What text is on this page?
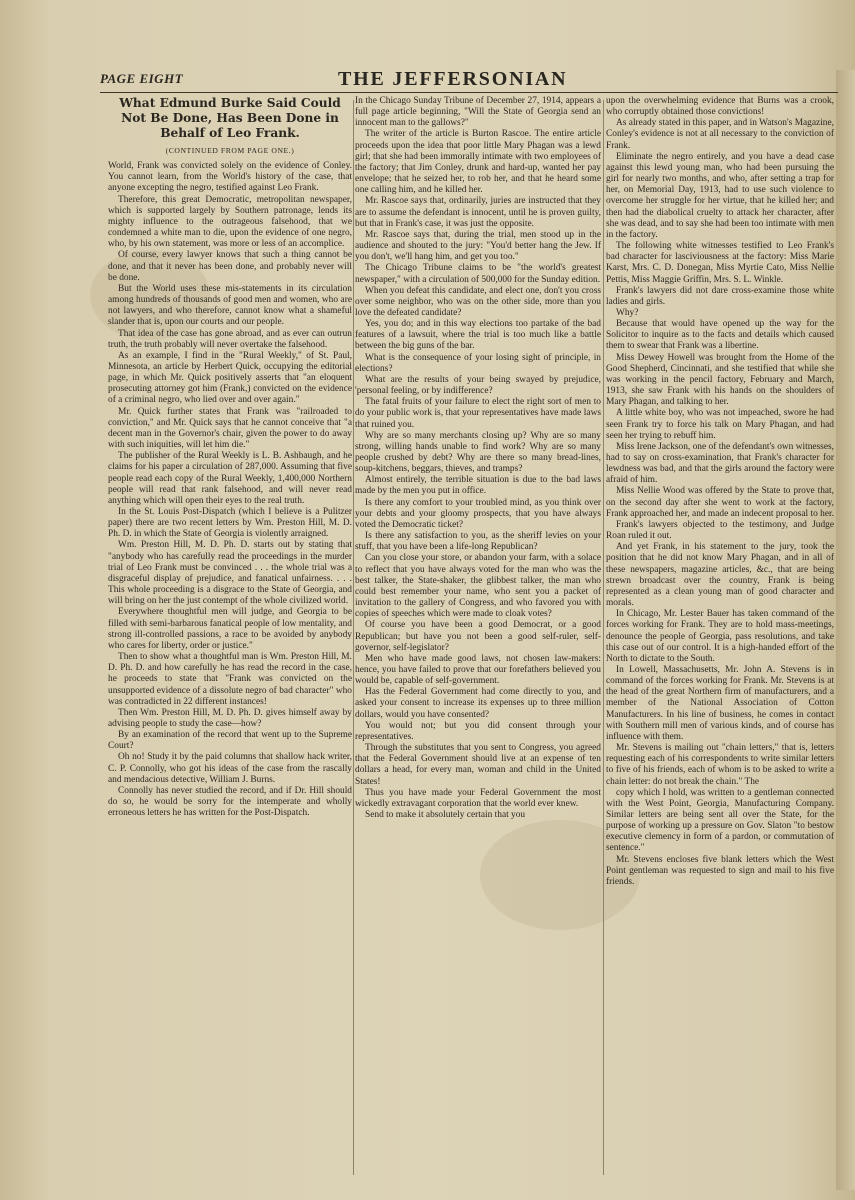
PAGE EIGHT	THE JEFFERSONIAN
What Edmund Burke Said Could Not Be Done, Has Been Done in Behalf of Leo Frank.
(CONTINUED FROM PAGE ONE.)

World, Frank was convicted solely on the evidence of Conley. You cannot learn, from the World's history of the case, that anyone excepting the negro, testified against Leo Frank.

Therefore, this great Democratic, metropolitan newspaper, which is supported largely by Southern patronage, lends its mighty influence to the outrageous falsehood, that we condemned a white man to die, upon the evidence of one negro, who, by his own statement, was more or less of an accomplice.

Of course, every lawyer knows that such a thing cannot be done, and that it never has been done, and probably never will be done.

But the World uses these mis-statements in its circulation among hundreds of thousands of good men and women, who are not lawyers, and who therefore, cannot know what a shameful slander that is, upon our courts and our people.

That idea of the case has gone abroad, and as ever can outrun truth, the truth probably will never overtake the falsehood.

As an example, I find in the "Rural Weekly," of St. Paul, Minnesota, an article by Herbert Quick, occupying the editorial page, in which Mr. Quick positively asserts that "an eloquent prosecuting attorney got him (Frank,) convicted on the evidence of a criminal negro, who lied over and over again."

Mr. Quick further states that Frank was "railroaded to conviction," and Mr. Quick says that he cannot conceive that "a decent man in the Governor's chair, given the power to do away with such iniquities, will let him die."

The publisher of the Rural Weekly is L. B. Ashbaugh, and he claims for his paper a circulation of 287,000. Assuming that five people read each copy of the Rural Weekly, 1,400,000 Northern people will read that rank falsehood, and will never read anything which will open their eyes to the real truth.

In the St. Louis Post-Dispatch (which I believe is a Pulitzer paper) there are two recent letters by Wm. Preston Hill, M. D. Ph. D. in which the State of Georgia is violently arraigned.

Wm. Preston Hill, M. D. Ph. D. starts out by stating that "anybody who has carefully read the proceedings in the murder trial of Leo Frank must be convinced . . . the whole trial was a disgraceful display of prejudice, and fanatical unfairness. . . . This whole proceeding is a disgrace to the State of Georgia, and will bring on her the just contempt of the whole civilized world.

Everywhere thoughtful men will judge, and Georgia to be filled with semi-barbarous fanatical people of low mentality, and strong ill-controlled passions, a race to be avoided by anybody who cares for liberty, order or justice."

Then to show what a thoughtful man is Wm. Preston Hill, M. D. Ph. D. and how carefully he has read the record in the case, he proceeds to state that "Frank was convicted on the unsupported evidence of a dissolute negro of bad character" who was contradicted in 22 different instances!

Then Wm. Preston Hill, M. D. Ph. D. gives himself away by advising people to study the case—how?

By an examination of the record that went up to the Supreme Court?

Oh no! Study it by the paid columns that shallow hack writer, C. P. Connolly, who got his ideas of the case from the rascally and mendacious detective, William J. Burns.

Connolly has never studied the record, and if Dr. Hill should do so, he would be sorry for the intemperate and wholly erroneous letters he has written for the Post-Dispatch.

In the Chicago Sunday Tribune of December 27, 1914, appears a full page article beginning, "Will the State of Georgia send an innocent man to the gallows?"

The writer of the article is Burton Rascoe. The entire article proceeds upon the idea that poor little Mary Phagan was a lewd girl; that she had been immorally intimate with two employees of the factory; that Jim Conley, drunk and hard-up, wanted her pay envelope; that he seized her, to rob her, and that he heard some one calling him, and he killed her.

Mr. Rascoe says that, ordinarily, juries are instructed that they are to assume the defendant is innocent, until he is proven guilty, but that in Frank's case, it was just the opposite.

Mr. Rascoe says that, during the trial, men stood up in the audience and shouted to the jury: "You'd better hang the Jew. If you don't, we'll hang him, and get you too."

The Chicago Tribune claims to be "the world's greatest newspaper," with a circulation of 500,000 for the Sunday edition.

When you defeat this candidate, and elect one, don't you cross over some neighbor, who was on the other side, more than you love the defeated candidate?

Yes, you do; and in this way elections too partake of the bad features of a lawsuit, where the trial is too much like a battle between the big guns of the bar.

What is the consequence of your losing sight of principle, in elections?

What are the results of your being swayed by prejudice, 'personal feeling, or by indifference?

The fatal fruits of your failure to elect the right sort of men to do your public work is, that your representatives have made laws that ruined you.

Why are so many merchants closing up? Why are so many strong, willing hands unable to find work? Why are so many people crushed by debt? Why are there so many bread-lines, soup-kitchens, beggars, thieves, and tramps?

Almost entirely, the terrible situation is due to the bad laws made by the men you put in office.

Is there any comfort to your troubled mind, as you think over your debts and your gloomy prospects, that you have always voted the Democratic ticket?

Is there any satisfaction to you, as the sheriff levies on your stuff, that you have been a life-long Republican?

Can you close your store, or abandon your farm, with a solace to reflect that you have always voted for the man who was the best talker, the State-shaker, the glibbest talker, the man who could best remember your name, who sent you a packet of invitation to the gallery of Congress, and who favored you with copies of speeches which were made to cloak votes?

Of course you have been a good Democrat, or a good Republican; but have you not been a good self-ruler, self-governor, self-legislator?

Men who have made good laws, not chosen law-makers: hence, you have failed to prove that our forefathers believed you would be, capable of self-government.

Has the Federal Government had come directly to you, and asked your consent to increase its expenses up to three million dollars, would you have consented?

You would not; but you did consent through your representatives.

Through the substitutes that you sent to Congress, you agreed that the Federal Government should live at an expense of ten dollars a head, for every man, woman and child in the United States!

Thus you have made your Federal Government the most wickedly extravagant corporation that the world ever knew.

Send to make it absolutely certain that you

upon the overwhelming evidence that Burns was a crook, who corruptly obtained those convictions!

As already stated in this paper, and in Watson's Magazine, Conley's evidence is not at all necessary to the conviction of Frank.

Eliminate the negro entirely, and you have a dead case against this lewd young man, who had been pursuing the girl for nearly two months, and who, after setting a trap for her, on Memorial Day, 1913, had to use such violence to overcome her struggle for her virtue, that he killed her; and then had the diabolical cruelty to attack her character, after she was dead, and to say she had been too intimate with men in the factory.

The following white witnesses testified to Leo Frank's bad character for lasciviousness at the factory: Miss Marie Karst, Mrs. C. D. Donegan, Miss Myrtie Cato, Miss Nellie Pettis, Miss Maggie Griffin, Mrs. S. L. Winkle.

Frank's lawyers did not dare cross-examine those white ladies and girls.

Why?

Because that would have opened up the way for the Solicitor to inquire as to the facts and details which caused them to swear that Frank was a libertine.

Miss Dewey Howell was brought from the Home of the Good Shepherd, Cincinnati, and she testified that while she was working in the pencil factory, February and March, 1913, she saw Frank with his hands on the shoulders of Mary Phagan, and talking to her.

A little white boy, who was not impeached, swore he had seen Frank try to force his talk on Mary Phagan, and had seen her trying to rebuff him.

Miss Irene Jackson, one of the defendant's own witnesses, had to say on cross-examination, that Frank's character for lewdness was bad, and that the girls around the factory were afraid of him.

Miss Nellie Wood was offered by the State to prove that, on the second day after she went to work at the factory, Frank approached her, and made an indecent proposal to her.

Frank's lawyers objected to the testimony, and Judge Roan ruled it out.

And yet Frank, in his statement to the jury, took the position that he did not know Mary Phagan, and in all of these newspapers, magazine articles, &c., that are being strewn broadcast over the country, Frank is being represented as a clean young man of good character and morals.

In Chicago, Mr. Lester Bauer has taken command of the forces working for Frank. They are to hold mass-meetings, denounce the people of Georgia, pass resolutions, and take this case out of our control. It is a high-handed effort of the North to dictate to the South.

In Lowell, Massachusetts, Mr. John A. Stevens is in command of the forces working for Frank. Mr. Stevens is at the head of the great Northern firm of manufacturers, and a member of the National Association of Cotton Manufacturers. In his line of business, he comes in contact with Southern mill men of various kinds, and of course has influence with them.

Mr. Stevens is mailing out "chain letters," that is, letters requesting each of his correspondents to write similar letters to five of his friends, each of whom is to be asked to write a chain letter: do not break the chain." The

copy which I hold, was written to a gentleman connected with the West Point, Georgia, Manufacturing Company. Similar letters are being sent all over the State, for the purpose of working up a pressure on Gov. Slaton "to bestow executive clemency in form of a pardon, or commutation of sentence."

Mr. Stevens encloses five blank letters which the West Point gentleman was requested to sign and mail to his five friends.
